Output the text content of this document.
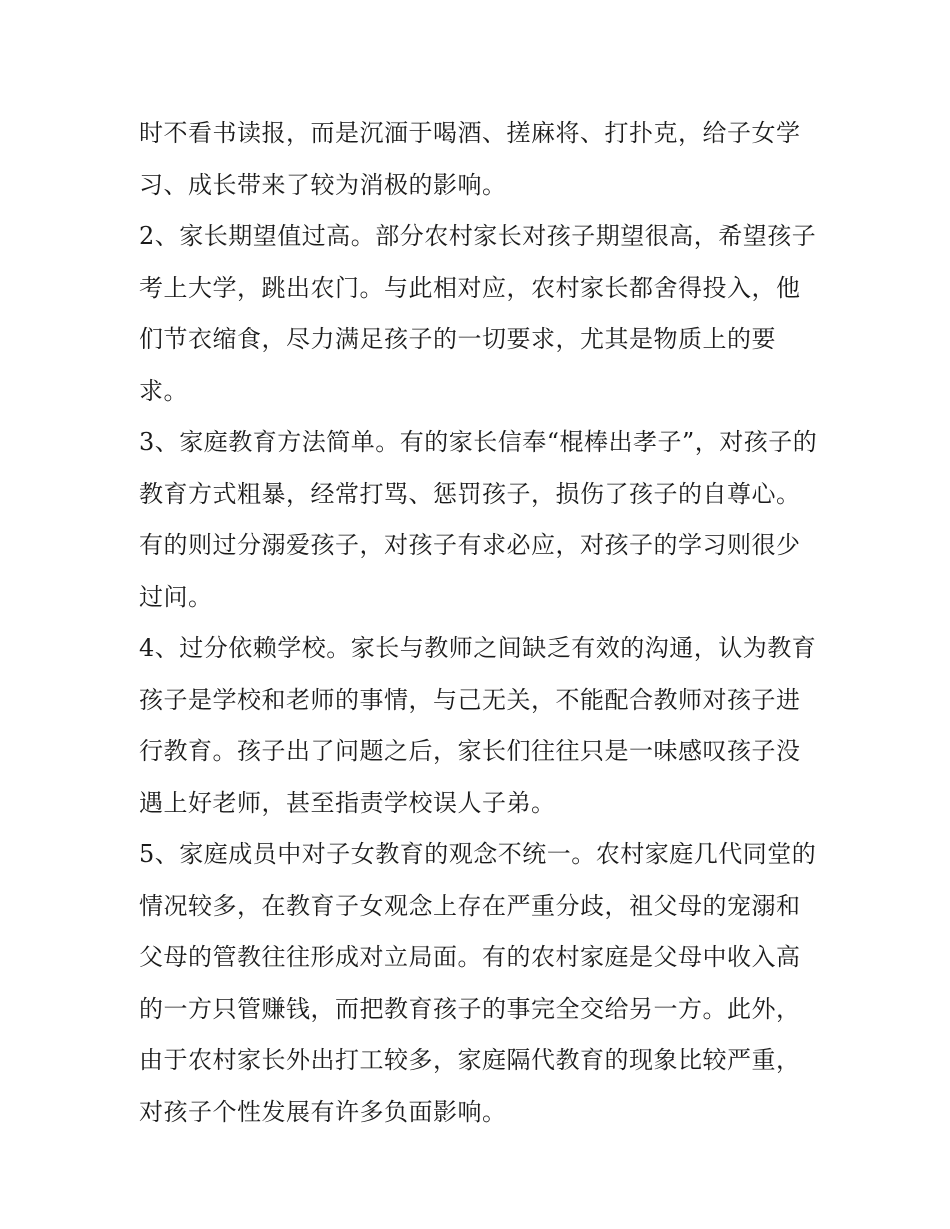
时不看书读报，而是沉湎于喝酒、搓麻将、打扑克，给子女学习、成长带来了较为消极的影响。

2、家长期望值过高。部分农村家长对孩子期望很高，希望孩子考上大学，跳出农门。与此相对应，农村家长都舍得投入，他们节衣缩食，尽力满足孩子的一切要求，尤其是物质上的要求。

3、家庭教育方法简单。有的家长信奉“棍棒出孝子”，对孩子的教育方式粗暴，经常打骂、惩罚孩子，损伤了孩子的自尊心。有的则过分溺爱孩子，对孩子有求必应，对孩子的学习则很少过问。

4、过分依赖学校。家长与教师之间缺乏有效的沟通，认为教育孩子是学校和老师的事情，与己无关，不能配合教师对孩子进行教育。孩子出了问题之后，家长们往往只是一味感叹孩子没遇上好老师，甚至指责学校误人子弟。

5、家庭成员中对子女教育的观念不统一。农村家庭几代同堂的情况较多，在教育子女观念上存在严重分歧，祖父母的宠溺和父母的管教往往形成对立局面。有的农村家庭是父母中收入高的一方只管赚钱，而把教育孩子的事完全交给另一方。此外，由于农村家长外出打工较多，家庭隔代教育的现象比较严重，对孩子个性发展有许多负面影响。
